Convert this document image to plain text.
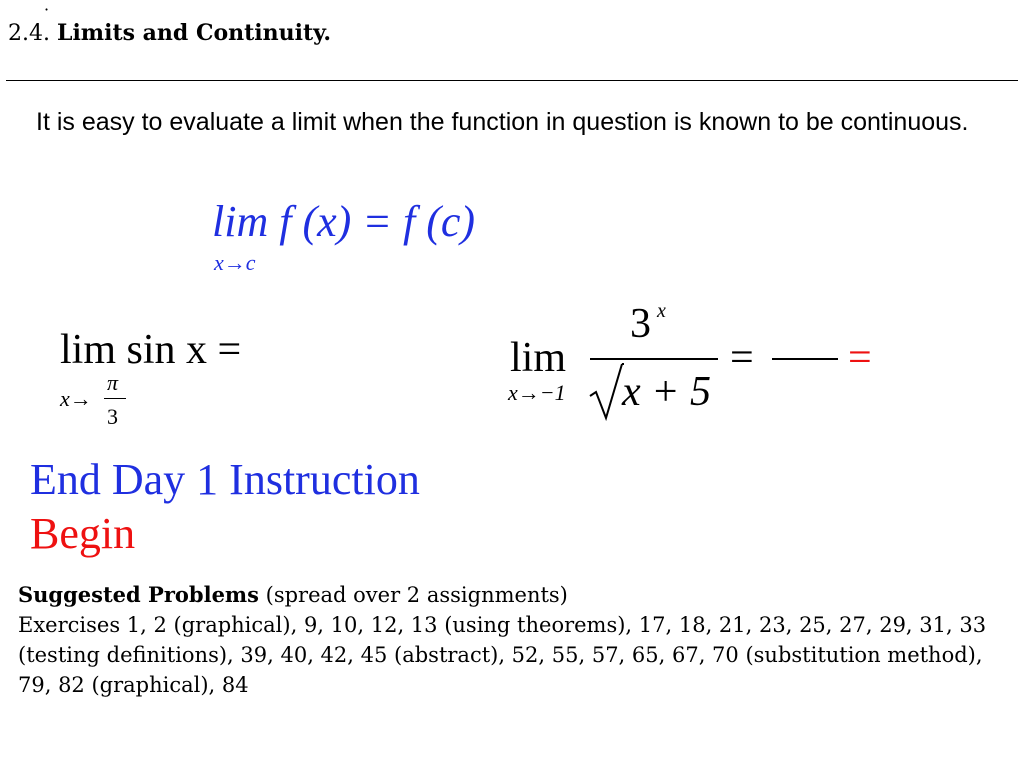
·
2.4. Limits and Continuity.
It is easy to evaluate a limit when the function in question is known to be continuous.
lim f (x) = f (c)
x→c
lim sin x =
x→
π
3
lim
x→−1
3 x
x + 5
= =
End Day 1 Instruction
Begin
Suggested Problems (spread over 2 assignments)
Exercises 1, 2 (graphical), 9, 10, 12, 13 (using theorems), 17, 18, 21, 23, 25, 27, 29, 31, 33 (testing definitions), 39, 40, 42, 45 (abstract), 52, 55, 57, 65, 67, 70 (substitution method), 79, 82 (graphical), 84
